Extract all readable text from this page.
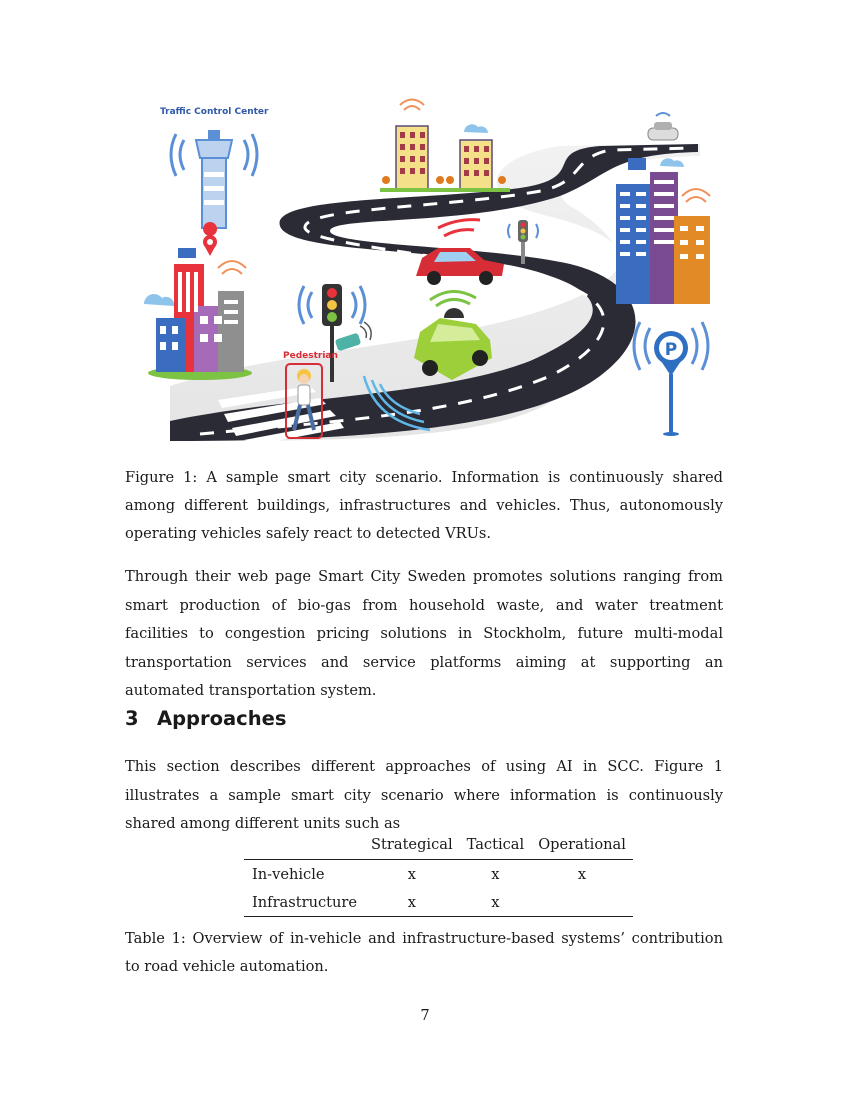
Traffic Control Center
Pedestrian	P

Figure 1: A sample smart city scenario. Information is continuously shared among different buildings, infrastructures and vehicles. Thus, autonomously operating vehicles safely react to detected VRUs.

Through their web page Smart City Sweden promotes solutions ranging from smart production of bio-gas from household waste, and water treatment facilities to congestion pricing solutions in Stockholm, future multi-modal transportation services and service platforms aiming at supporting an automated transportation system.

3 Approaches

This section describes different approaches of using AI in SCC. Figure 1 illustrates a sample smart city scenario where information is continuously shared among different units such as

	Strategical	Tactical	Operational
In-vehicle	x	x	x
Infrastructure	x	x	

Table 1: Overview of in-vehicle and infrastructure-based systems’ contribution to road vehicle automation.

7
